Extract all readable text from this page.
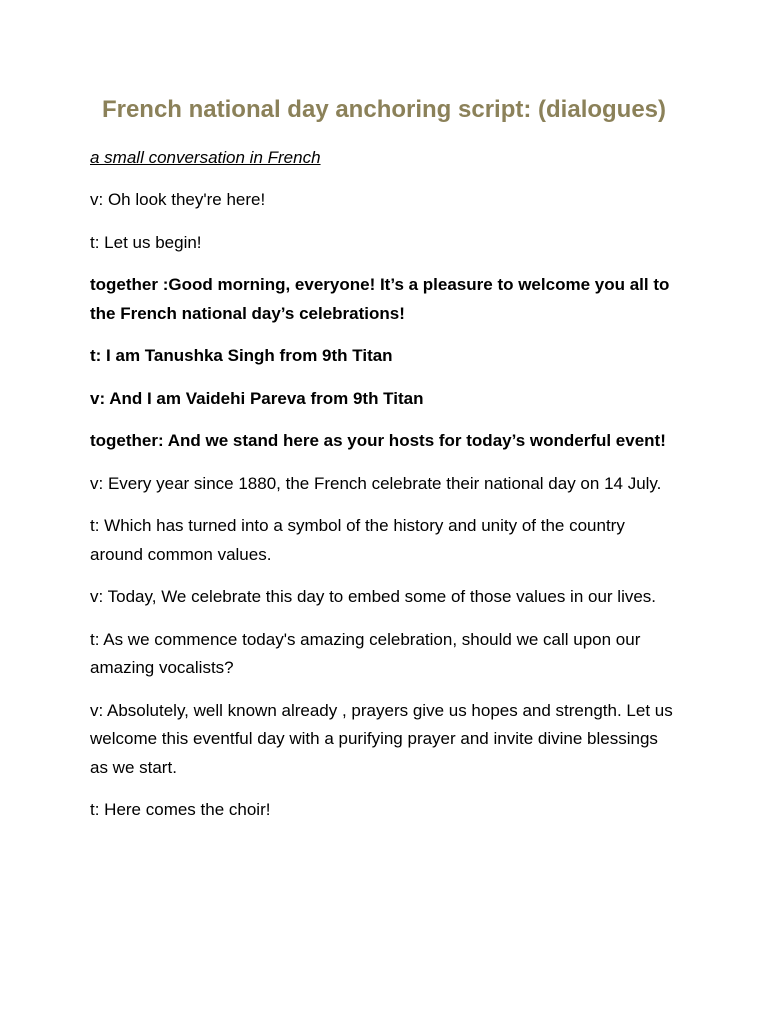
French national day anchoring script: (dialogues)

a small conversation in French

v: Oh look they're here!

t: Let us begin!

together :Good morning, everyone! It’s a pleasure to welcome you all to the French national day’s celebrations!

t: I am Tanushka Singh from 9th Titan

v: And I am Vaidehi Pareva from 9th Titan

together: And we stand here as your hosts for today’s wonderful event!

v: Every year since 1880, the French celebrate their national day on 14 July.

t: Which has turned into a symbol of the history and unity of the country around common values.

v: Today, We celebrate this day to embed some of those values in our lives.

t: As we commence today's amazing celebration, should we call upon our amazing vocalists?

v: Absolutely, well known already , prayers give us hopes and strength. Let us welcome this eventful day with a purifying prayer and invite divine blessings as we start.

t: Here comes the choir!
